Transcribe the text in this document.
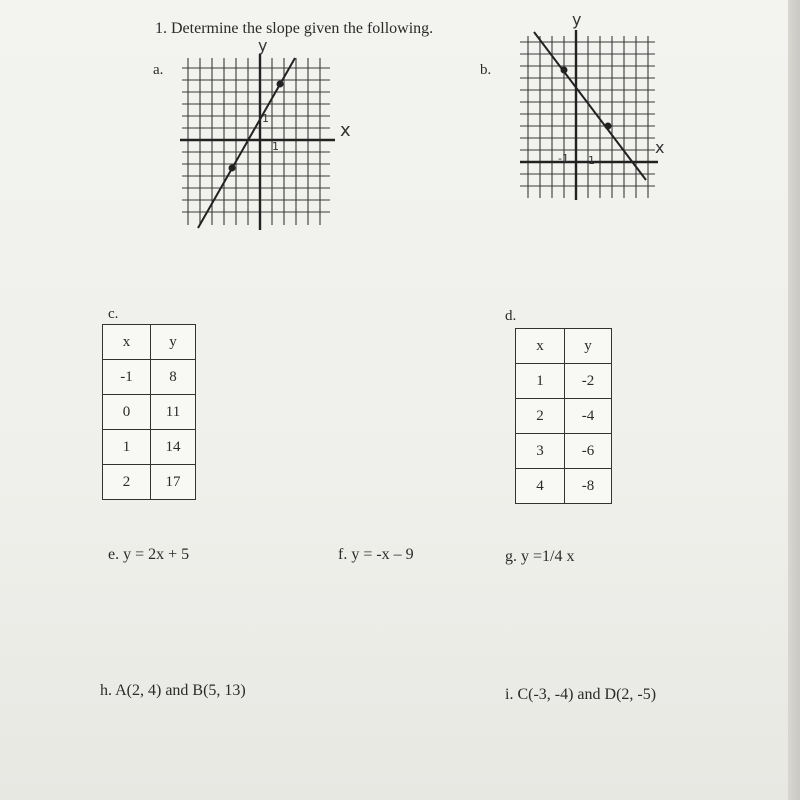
1. Determine the slope given the following.
a.
y
x
1
1
b.
y
x
-1 1
c.
x	y
-1	8
0	11
1	14
2	17
d.
x	y
1	-2
2	-4
3	-6
4	-8
e. y = 2x + 5	f. y = -x – 9	g. y =1/4 x
h. A(2, 4) and B(5, 13)	i. C(-3, -4) and D(2, -5)
